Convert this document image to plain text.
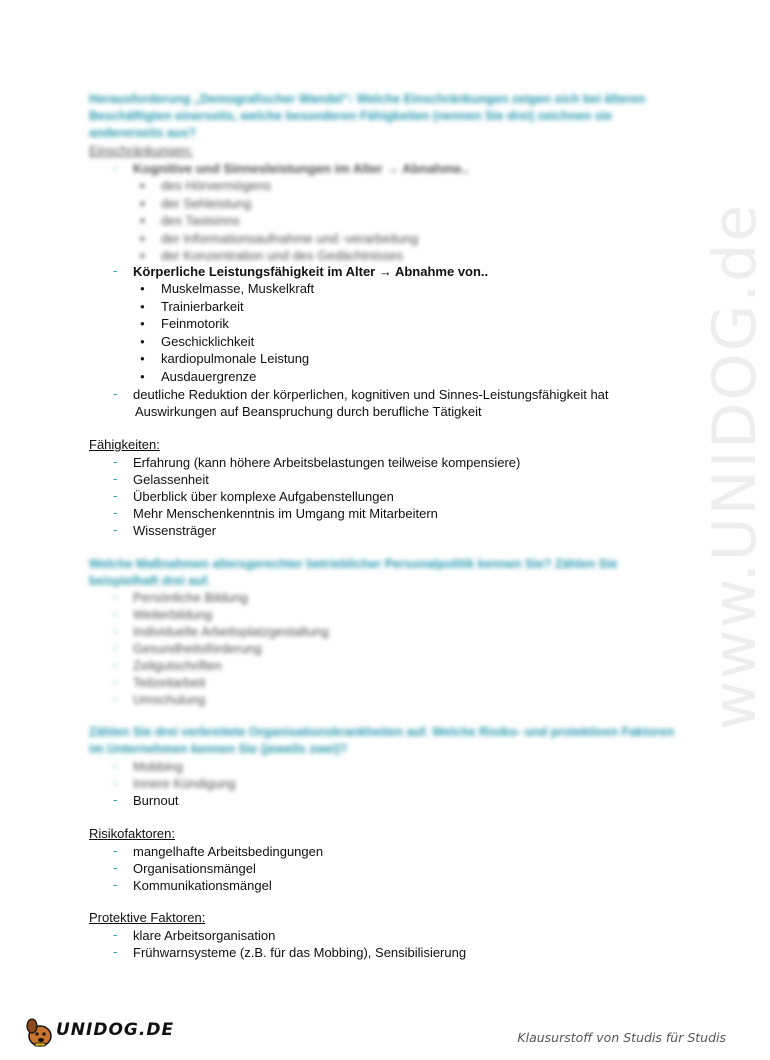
www.UNIDOG.de
Herausforderung „Demografischer Wandel“: Welche Einschränkungen zeigen sich bei älteren Beschäftigten einerseits, welche besonderen Fähigkeiten (nennen Sie drei) zeichnen sie andererseits aus?
Einschränkungen:
- Kognitive und Sinnesleistungen im Alter → Abnahme..
● des Hörvermögens
● der Sehleistung
● des Tastsinns
● der Informationsaufnahme und -verarbeitung
● der Konzentration und des Gedächtnisses
- Körperliche Leistungsfähigkeit im Alter → Abnahme von..
● Muskelmasse, Muskelkraft
● Trainierbarkeit
● Feinmotorik
● Geschicklichkeit
● kardiopulmonale Leistung
● Ausdauergrenze
- deutliche Reduktion der körperlichen, kognitiven und Sinnes-Leistungsfähigkeit hat
Auswirkungen auf Beanspruchung durch berufliche Tätigkeit
Fähigkeiten:
- Erfahrung (kann höhere Arbeitsbelastungen teilweise kompensiere)
- Gelassenheit
- Überblick über komplexe Aufgabenstellungen
- Mehr Menschenkenntnis im Umgang mit Mitarbeitern
- Wissensträger
Welche Maßnahmen altersgerechter betrieblicher Personalpolitik kennen Sie? Zählen Sie beispielhaft drei auf.
- Persönliche Bildung
- Weiterbildung
- Individuelle Arbeitsplatzgestaltung
- Gesundheitsförderung
- Zeitgutschriften
- Teilzeitarbeit
- Umschulung
Zählen Sie drei verbreitete Organisationskrankheiten auf. Welche Risiko- und protektiven Faktoren im Unternehmen kennen Sie (jeweils zwei)?
- Mobbing
- Innere Kündigung
- Burnout
Risikofaktoren:
- mangelhafte Arbeitsbedingungen
- Organisationsmängel
- Kommunikationsmängel
Protektive Faktoren:
- klare Arbeitsorganisation
- Frühwarnsysteme (z.B. für das Mobbing), Sensibilisierung
UNIDOG.DE	Klausurstoff von Studis für Studis
